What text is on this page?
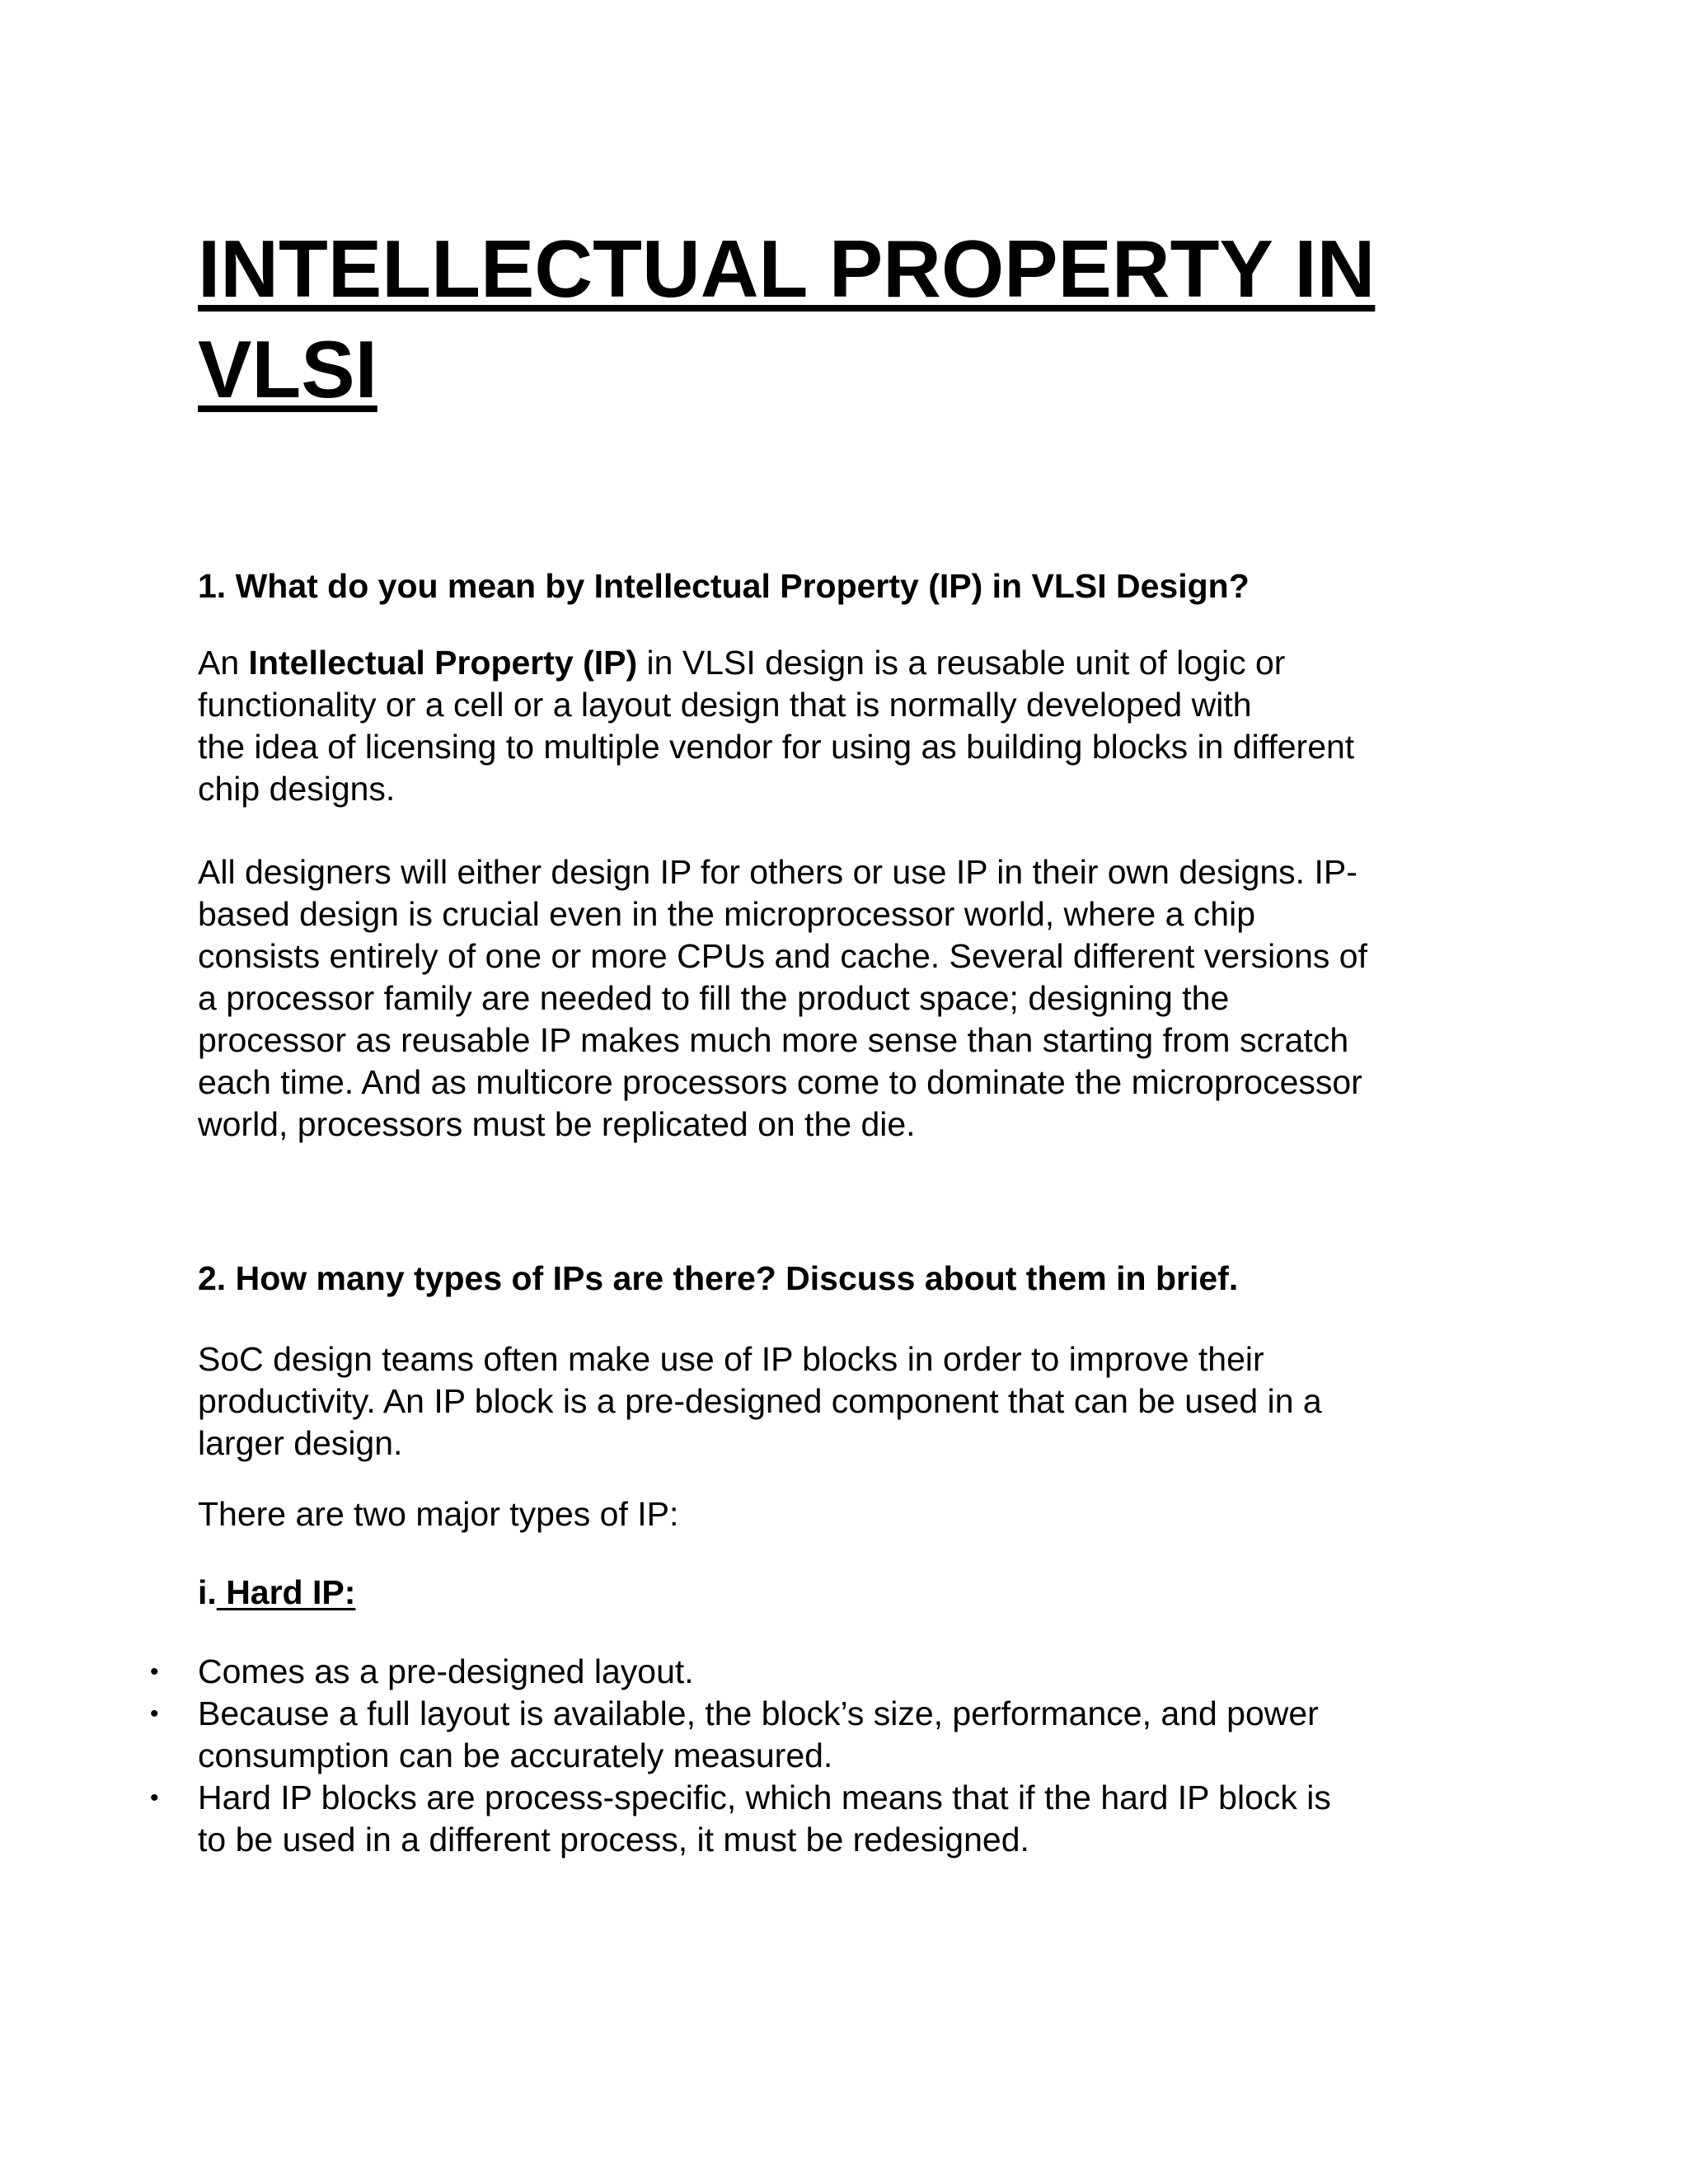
INTELLECTUAL PROPERTY IN
VLSI
1. What do you mean by Intellectual Property (IP) in VLSI Design?

An Intellectual Property (IP) in VLSI design is a reusable unit of logic or
functionality or a cell or a layout design that is normally developed with
the idea of licensing to multiple vendor for using as building blocks in different
chip designs.

All designers will either design IP for others or use IP in their own designs. IP-
based design is crucial even in the microprocessor world, where a chip
consists entirely of one or more CPUs and cache. Several different versions of
a processor family are needed to fill the product space; designing the
processor as reusable IP makes much more sense than starting from scratch
each time. And as multicore processors come to dominate the microprocessor
world, processors must be replicated on the die.

2. How many types of IPs are there? Discuss about them in brief.

SoC design teams often make use of IP blocks in order to improve their
productivity. An IP block is a pre-designed component that can be used in a
larger design.

There are two major types of IP:

i. Hard IP:
• Comes as a pre-designed layout.
• Because a full layout is available, the block’s size, performance, and power
consumption can be accurately measured.
• Hard IP blocks are process-specific, which means that if the hard IP block is
to be used in a different process, it must be redesigned.
